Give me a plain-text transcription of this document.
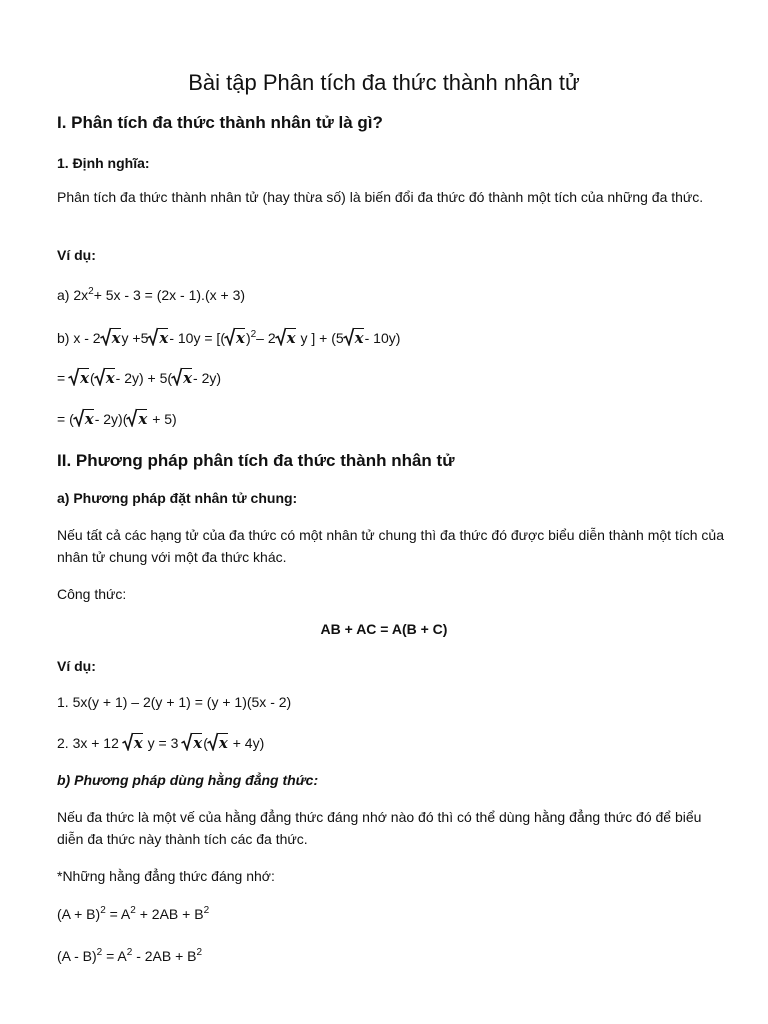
Bài tập Phân tích đa thức thành nhân tử
I. Phân tích đa thức thành nhân tử là gì?
1. Định nghĩa:
Phân tích đa thức thành nhân tử (hay thừa số) là biến đổi đa thức đó thành một tích của những đa thức.
Ví dụ:
a) $2x^2+ 5x - 3 = (2x - 1).(x + 3)$
b) x - 2 xy +5 x- 10y = [( x)$^2$– 2 x y ] + (5 x- 10y)
=
x( x- 2y) + 5( x- 2y)
= ( x- 2y)( x + 5)
II. Phương pháp phân tích đa thức thành nhân tử
a) Phương pháp đặt nhân tử chung:
Nếu tất cả các hạng tử của đa thức có một nhân tử chung thì đa thức đó được biểu diễn thành một tích của nhân tử chung với một đa thức khác.
Công thức:
AB + AC = A(B + C)
Ví dụ:
1. 5x(y + 1) – 2(y + 1) = (y + 1)(5x - 2)
2. 3x + 12
x y = 3
x( x + 4y)
b) Phương pháp dùng hằng đẳng thức:
Nếu đa thức là một vế của hằng đẳng thức đáng nhớ nào đó thì có thể dùng hằng đẳng thức đó để biểu diễn đa thức này thành tích các đa thức.
*Những hằng đẳng thức đáng nhớ:
$(A + B)^2 = A^2 + 2AB + B^2$
$(A - B)^2 = A^2 - 2AB + B^2$
